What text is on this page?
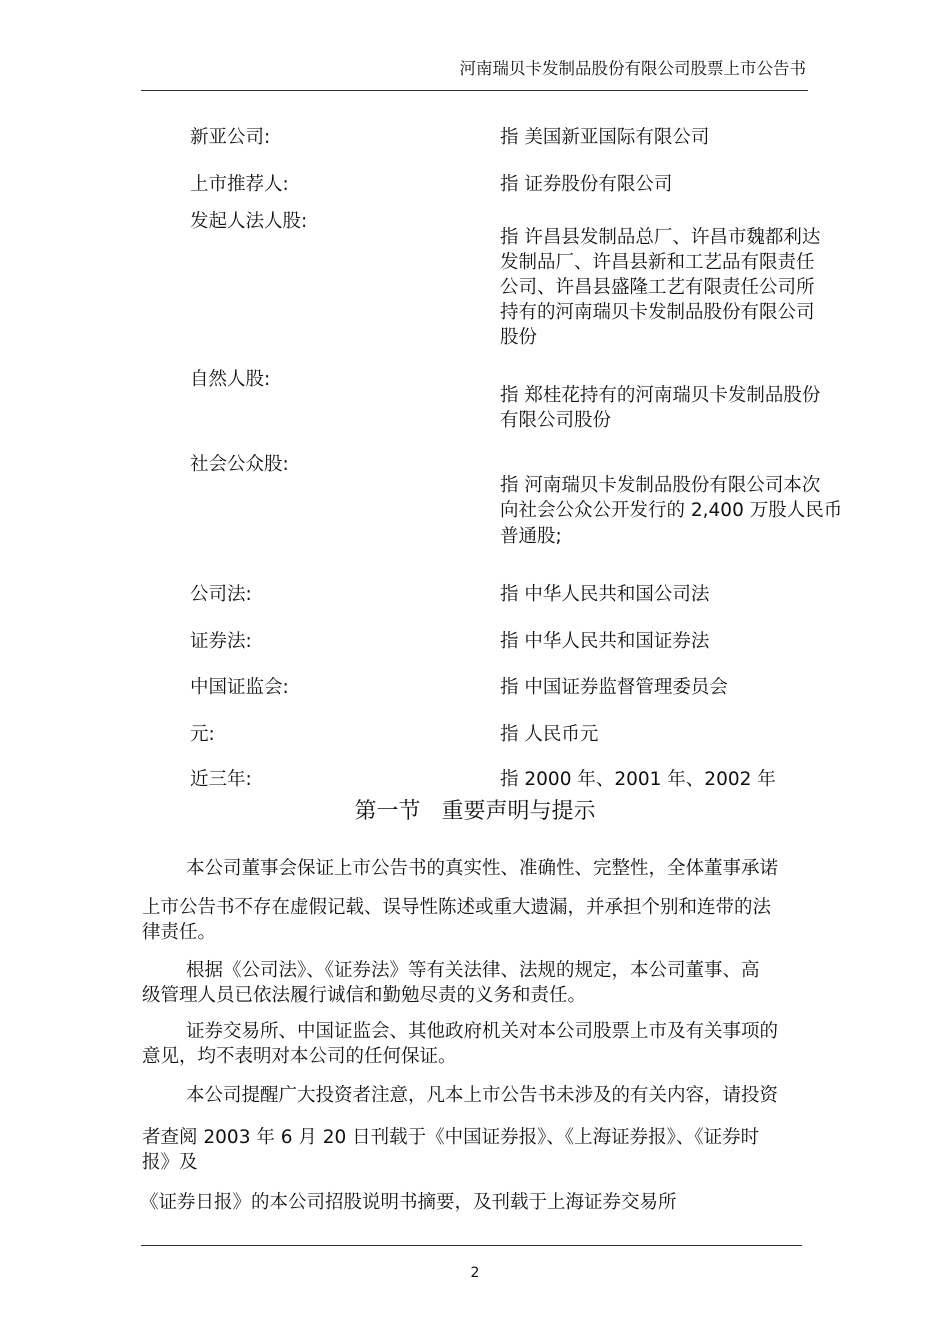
河南瑞贝卡发制品股份有限公司股票上市公告书
新亚公司:	指 美国新亚国际有限公司
上市推荐人:	指 证券股份有限公司
发起人法人股:
指 许昌县发制品总厂、许昌市魏都利达
发制品厂、许昌县新和工艺品有限责任
公司、许昌县盛隆工艺有限责任公司所
持有的河南瑞贝卡发制品股份有限公司
股份
自然人股:
指 郑桂花持有的河南瑞贝卡发制品股份
有限公司股份
社会公众股:
指 河南瑞贝卡发制品股份有限公司本次
向社会公众公开发行的 2,400 万股人民币
普通股;
公司法:	指 中华人民共和国公司法
证券法:	指 中华人民共和国证券法
中国证监会:	指 中国证券监督管理委员会
元:	指 人民币元
近三年:	指 2000 年、2001 年、2002 年
第一节 重要声明与提示
本公司董事会保证上市公告书的真实性、准确性、完整性，全体董事承诺
上市公告书不存在虚假记载、误导性陈述或重大遗漏，并承担个别和连带的法
律责任。
根据《公司法》、《证券法》等有关法律、法规的规定，本公司董事、高
级管理人员已依法履行诚信和勤勉尽责的义务和责任。
证券交易所、中国证监会、其他政府机关对本公司股票上市及有关事项的
意见，均不表明对本公司的任何保证。
本公司提醒广大投资者注意，凡本上市公告书未涉及的有关内容，请投资
者查阅 2003 年 6 月 20 日刊载于《中国证券报》、《上海证券报》、《证券时
报》及
《证券日报》的本公司招股说明书摘要，及刊载于上海证券交易所
2
